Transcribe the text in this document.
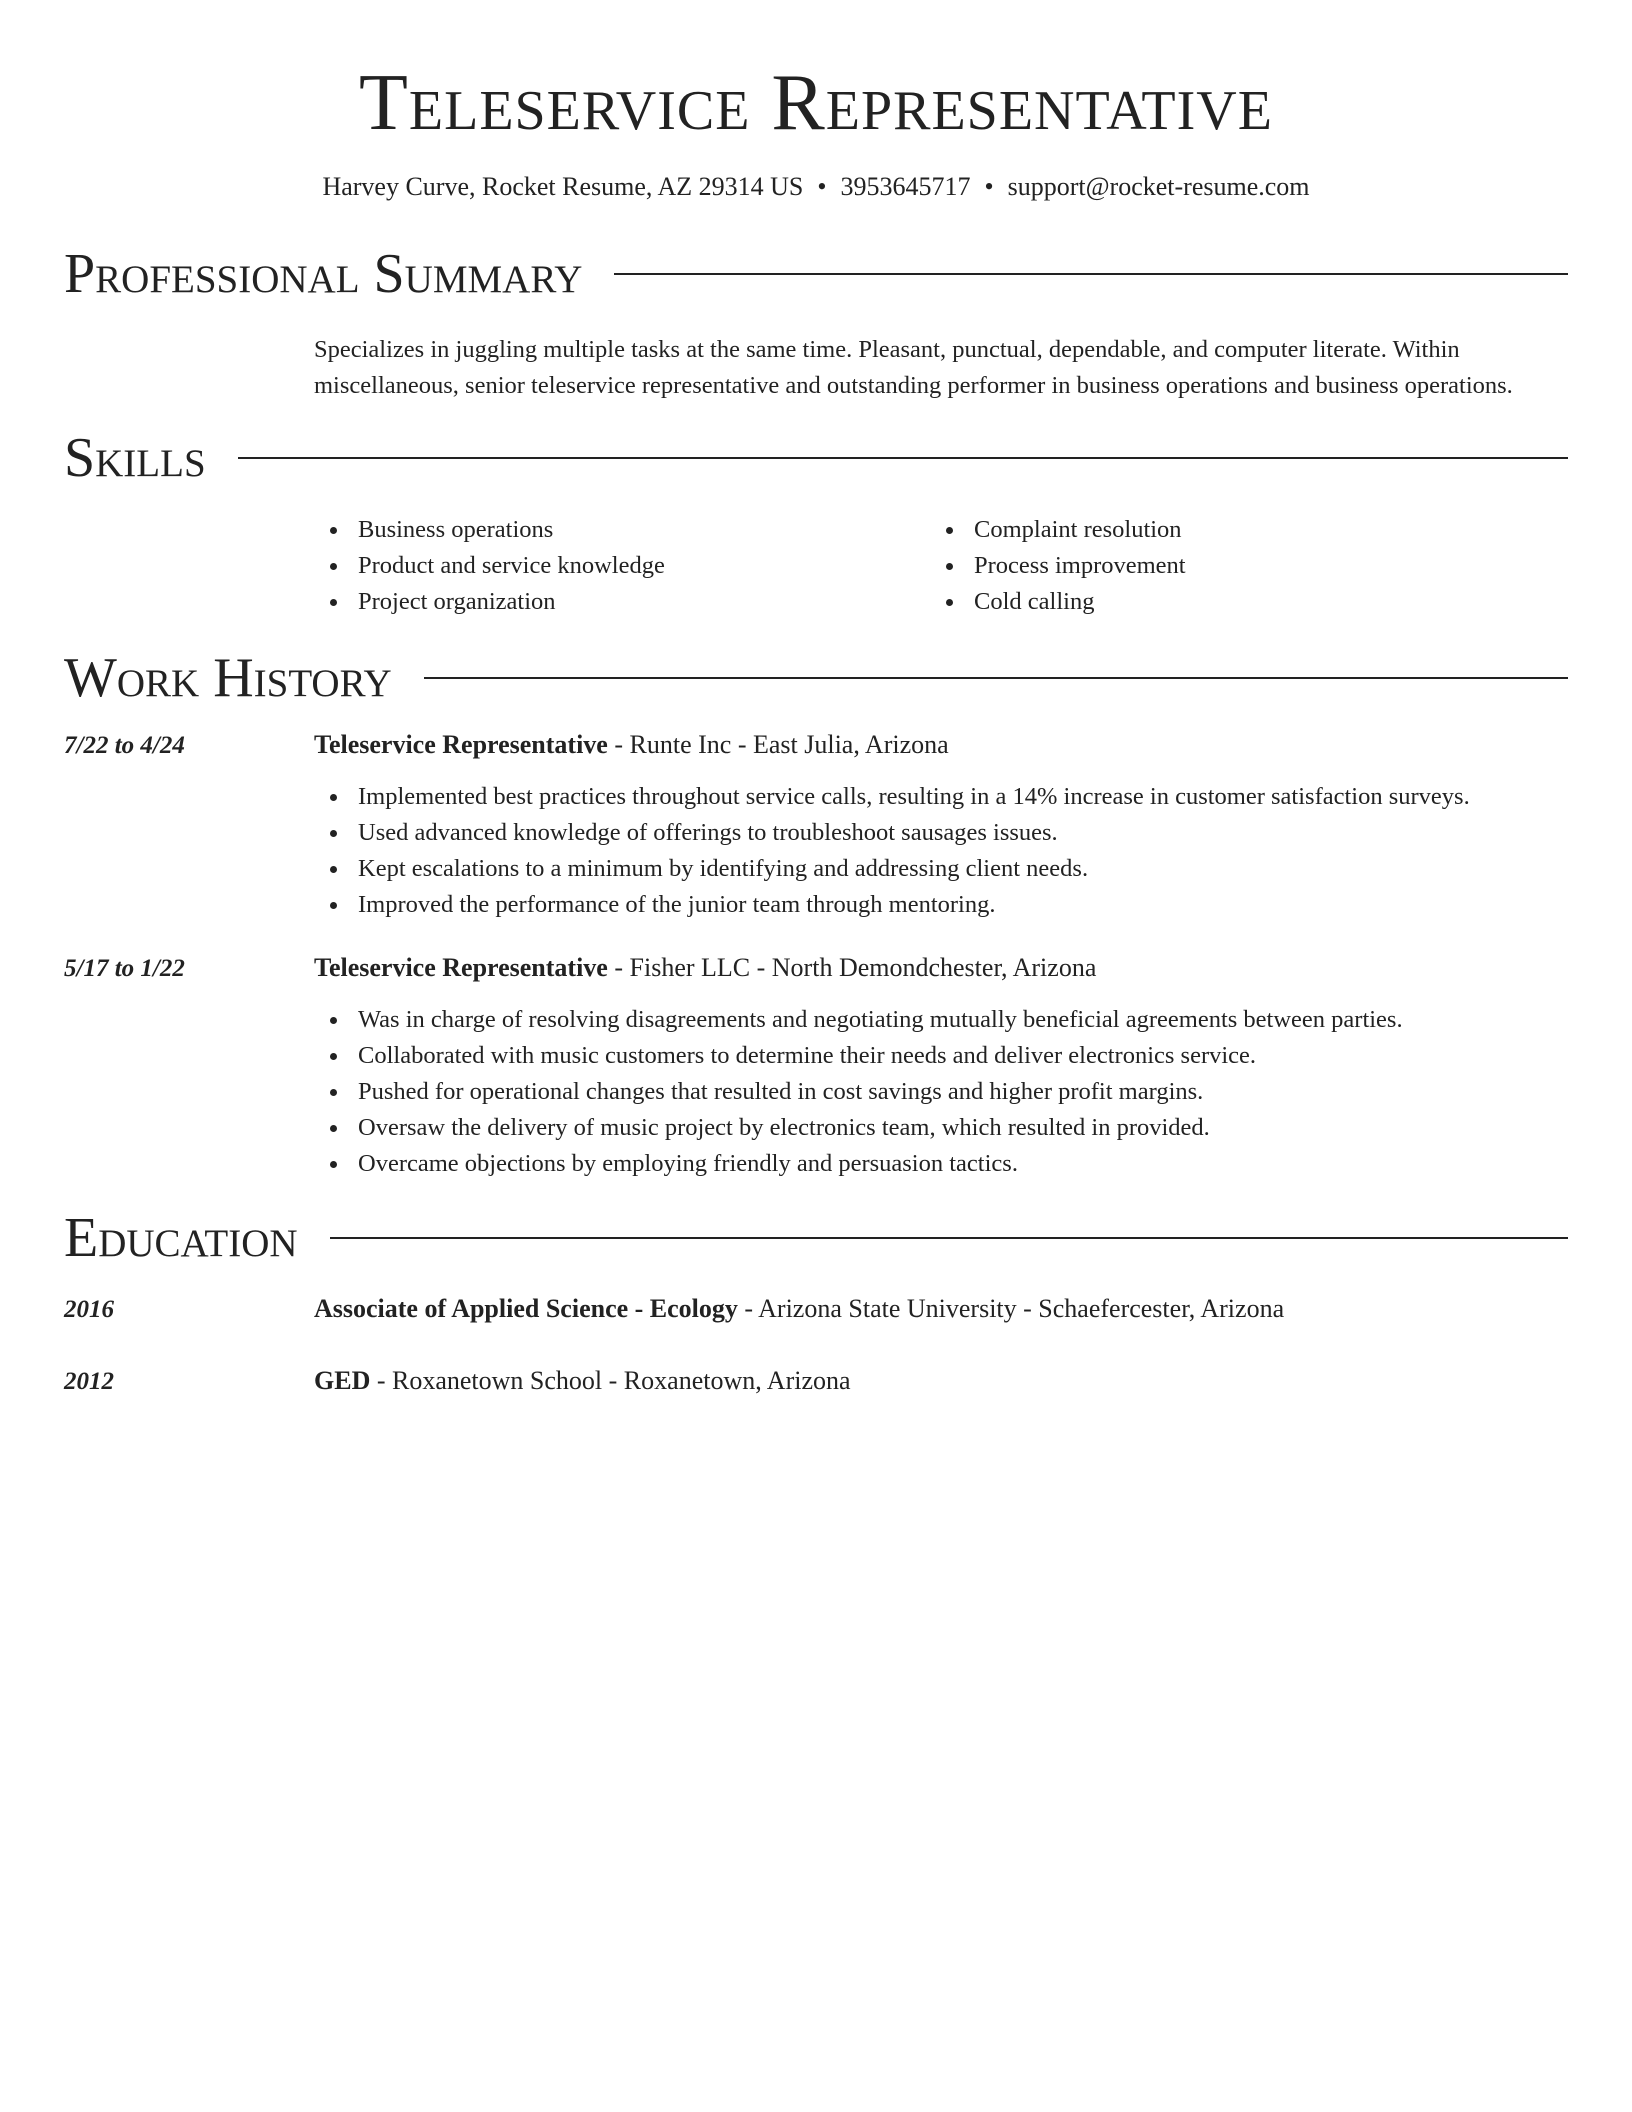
Teleservice Representative
Harvey Curve, Rocket Resume, AZ 29314 US • 3953645717 • support@rocket-resume.com
Professional Summary

Specializes in juggling multiple tasks at the same time. Pleasant, punctual, dependable, and computer literate. Within miscellaneous, senior teleservice representative and outstanding performer in business operations and business operations.

Skills
Business operations
Product and service knowledge
Project organization
Complaint resolution
Process improvement
Cold calling
Work History
7/22 to 4/24	Teleservice Representative - Runte Inc - East Julia, Arizona
Implemented best practices throughout service calls, resulting in a 14% increase in customer satisfaction surveys.
Used advanced knowledge of offerings to troubleshoot sausages issues.
Kept escalations to a minimum by identifying and addressing client needs.
Improved the performance of the junior team through mentoring.
5/17 to 1/22	Teleservice Representative - Fisher LLC - North Demondchester, Arizona
Was in charge of resolving disagreements and negotiating mutually beneficial agreements between parties.
Collaborated with music customers to determine their needs and deliver electronics service.
Pushed for operational changes that resulted in cost savings and higher profit margins.
Oversaw the delivery of music project by electronics team, which resulted in provided.
Overcame objections by employing friendly and persuasion tactics.
Education
2016	Associate of Applied Science - Ecology - Arizona State University - Schaefercester, Arizona
2012	GED - Roxanetown School - Roxanetown, Arizona
